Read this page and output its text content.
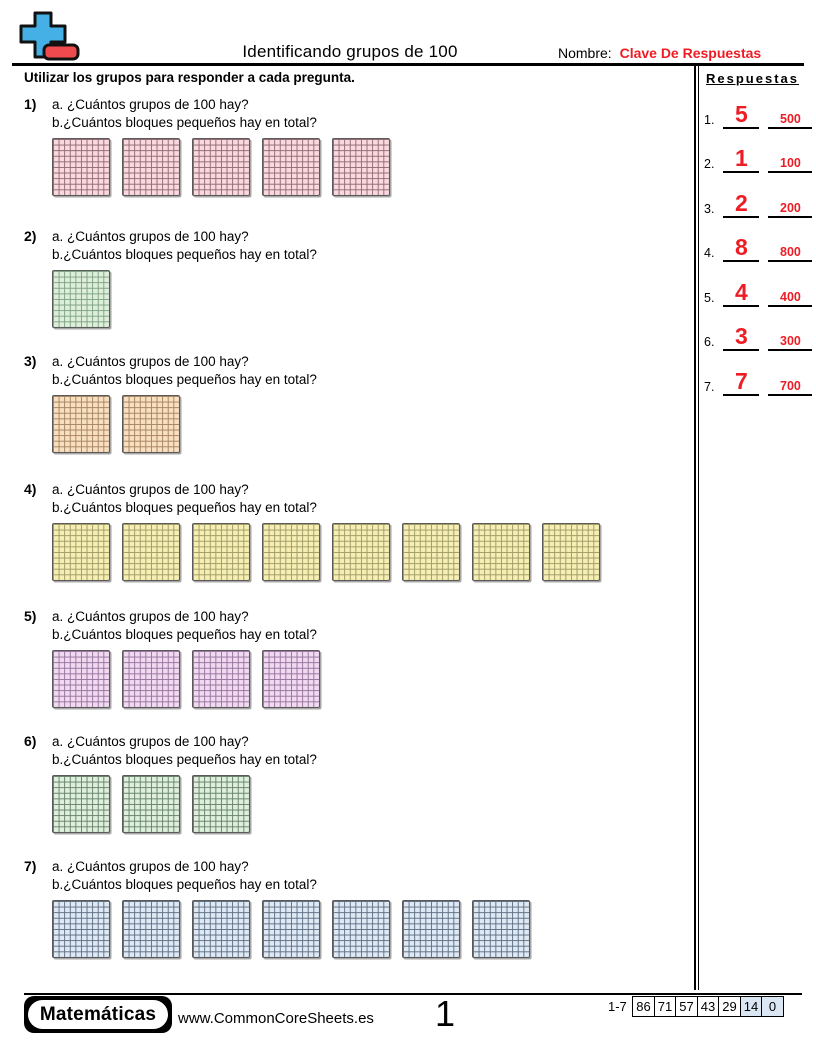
Identificando grupos de 100	Nombre: Clave De Respuestas
Utilizar los grupos para responder a cada pregunta.
1) a. ¿Cuántos grupos de 100 hay?
b.¿Cuántos bloques pequeños hay en total?
2) a. ¿Cuántos grupos de 100 hay?
b.¿Cuántos bloques pequeños hay en total?
3) a. ¿Cuántos grupos de 100 hay?
b.¿Cuántos bloques pequeños hay en total?
4) a. ¿Cuántos grupos de 100 hay?
b.¿Cuántos bloques pequeños hay en total?
5) a. ¿Cuántos grupos de 100 hay?
b.¿Cuántos bloques pequeños hay en total?
6) a. ¿Cuántos grupos de 100 hay?
b.¿Cuántos bloques pequeños hay en total?
7) a. ¿Cuántos grupos de 100 hay?
b.¿Cuántos bloques pequeños hay en total?
Respuestas
1. 5	500
2. 1	100
3. 2	200
4. 8	800
5. 4	400
6. 3	300
7. 7	700
Matemáticas	www.CommonCoreSheets.es	1	1-7 86 71 57 43 29 14 0
